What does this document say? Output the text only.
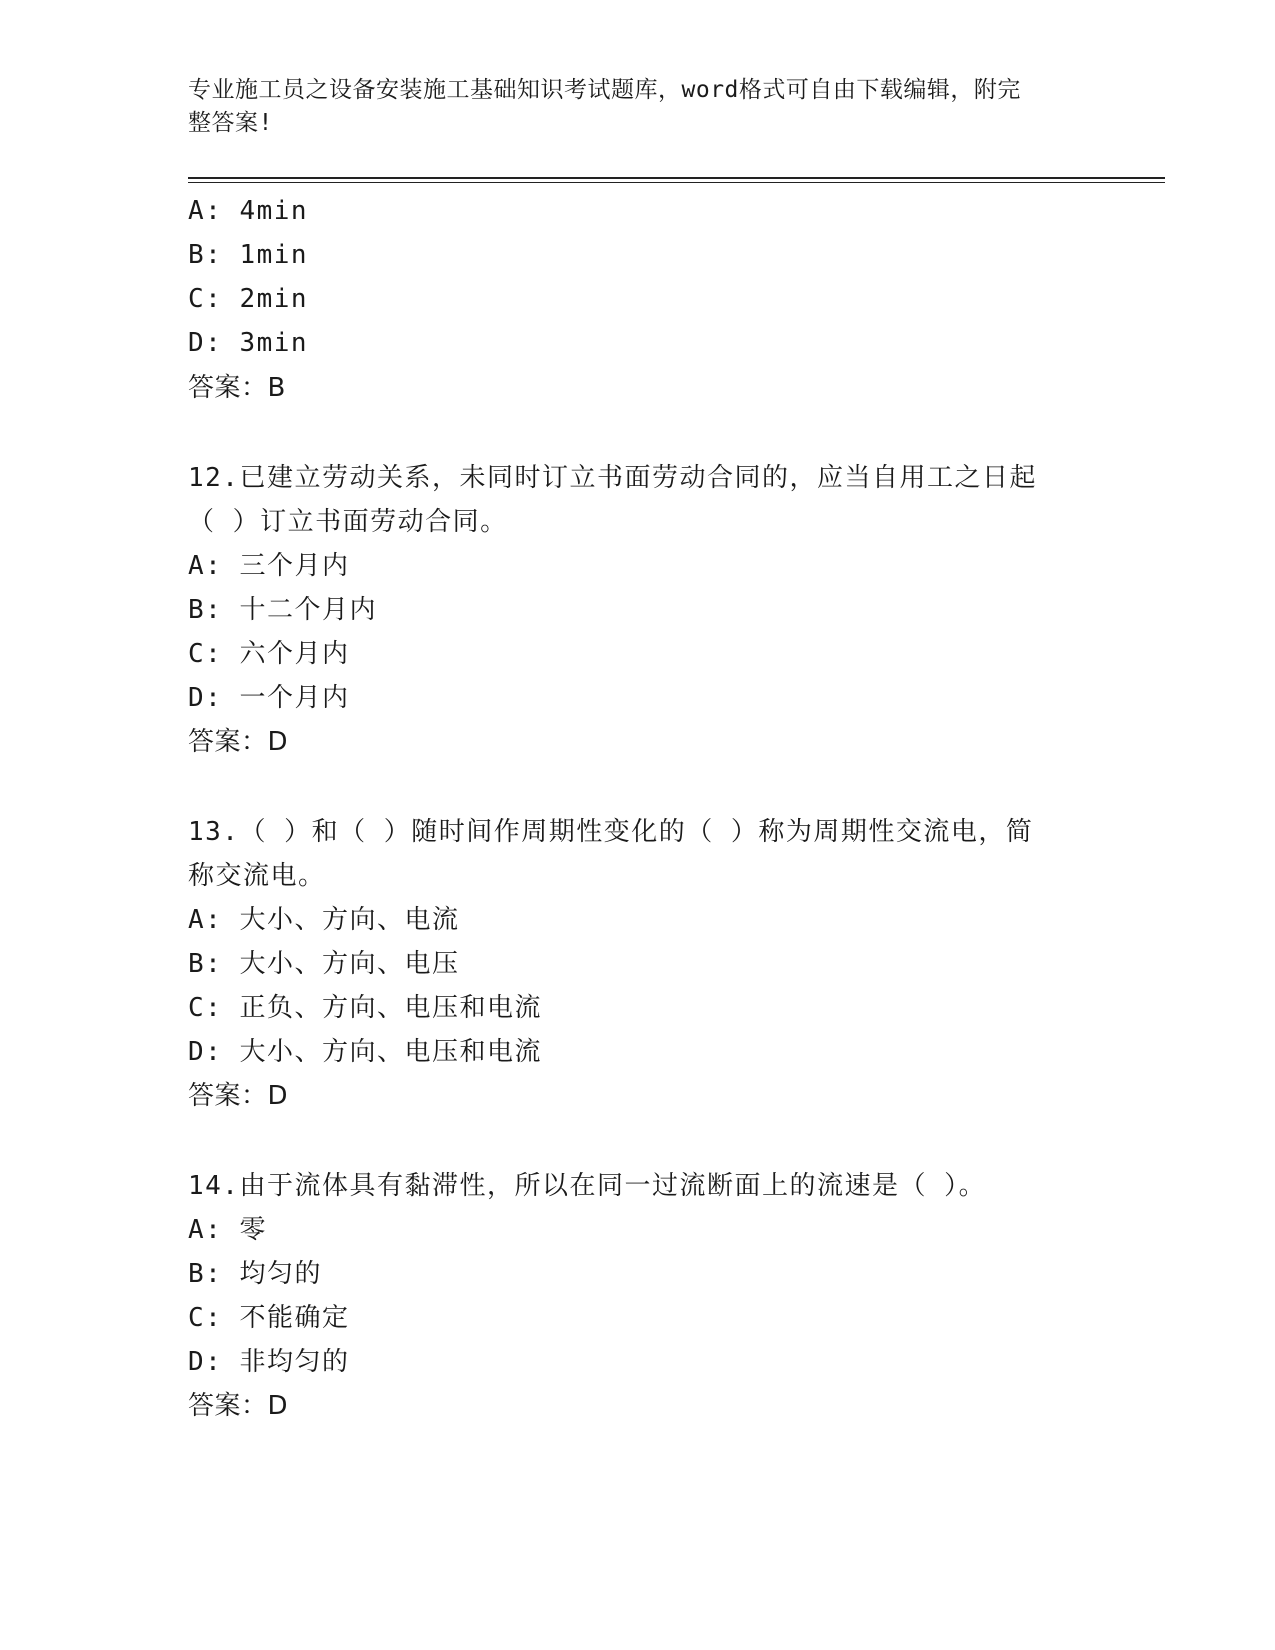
专业施工员之设备安装施工基础知识考试题库，word格式可自由下载编辑，附完
整答案!
A: 4min
B: 1min
C: 2min
D: 3min
答案：B
12.已建立劳动关系，未同时订立书面劳动合同的，应当自用工之日起
（ ）订立书面劳动合同。
A: 三个月内
B: 十二个月内
C: 六个月内
D: 一个月内
答案：D
13.（ ）和（ ）随时间作周期性变化的（ ）称为周期性交流电，简
称交流电。
A: 大小、方向、电流
B: 大小、方向、电压
C: 正负、方向、电压和电流
D: 大小、方向、电压和电流
答案：D
14.由于流体具有黏滞性，所以在同一过流断面上的流速是（ ）。
A: 零
B: 均匀的
C: 不能确定
D: 非均匀的
答案：D
